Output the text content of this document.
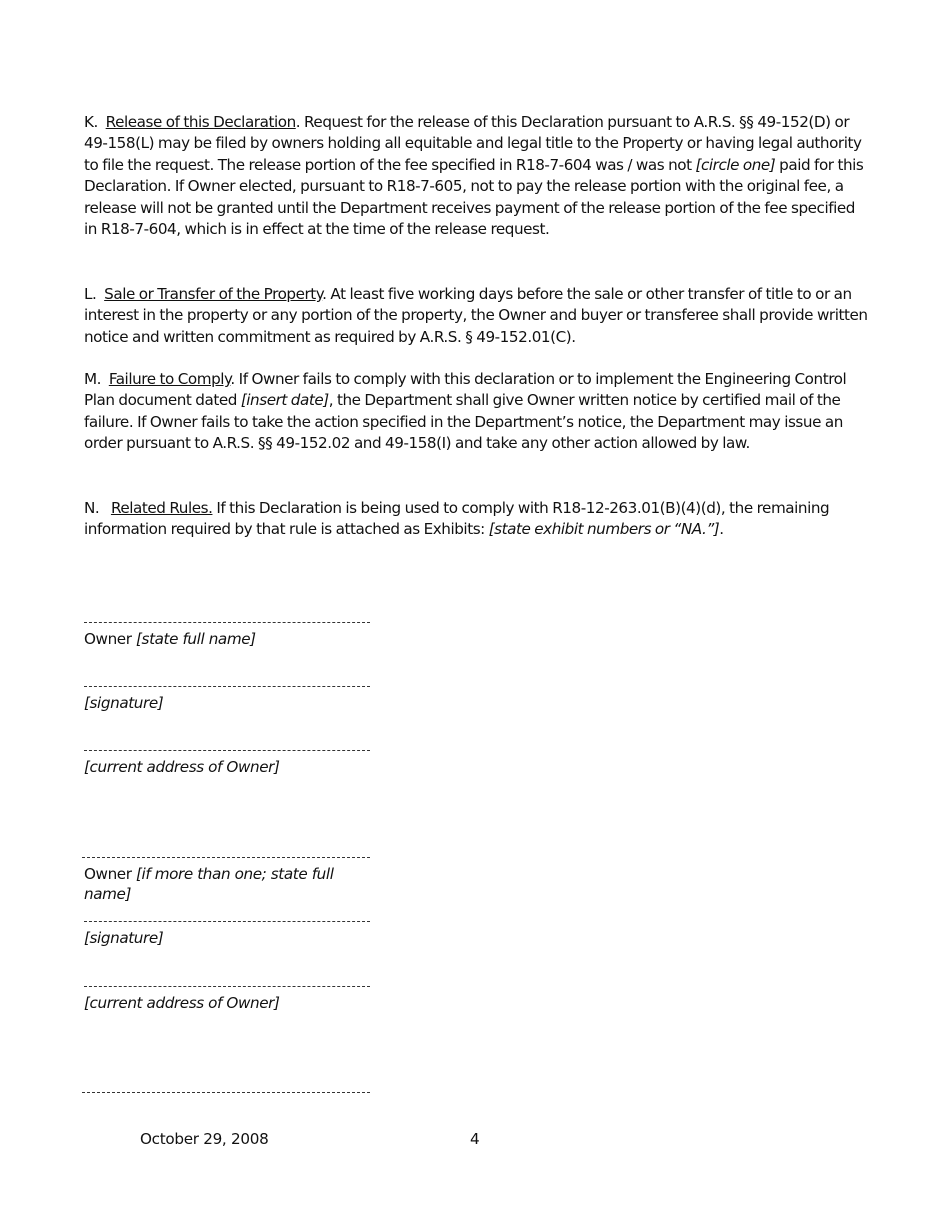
K. Release of this Declaration. Request for the release of this Declaration pursuant to A.R.S. §§ 49-152(D) or 49-158(L) may be filed by owners holding all equitable and legal title to the Property or having legal authority to file the request. The release portion of the fee specified in R18-7-604 was / was not [circle one] paid for this Declaration. If Owner elected, pursuant to R18-7-605, not to pay the release portion with the original fee, a release will not be granted until the Department receives payment of the release portion of the fee specified in R18-7-604, which is in effect at the time of the release request.

L. Sale or Transfer of the Property. At least five working days before the sale or other transfer of title to or an interest in the property or any portion of the property, the Owner and buyer or transferee shall provide written notice and written commitment as required by A.R.S. § 49-152.01(C).

M. Failure to Comply. If Owner fails to comply with this declaration or to implement the Engineering Control Plan document dated [insert date], the Department shall give Owner written notice by certified mail of the failure. If Owner fails to take the action specified in the Department’s notice, the Department may issue an order pursuant to A.R.S. §§ 49-152.02 and 49-158(I) and take any other action allowed by law.

N. Related Rules. If this Declaration is being used to comply with R18-12-263.01(B)(4)(d), the remaining information required by that rule is attached as Exhibits: [state exhibit numbers or “NA.”].

Owner [state full name]
[signature]
[current address of Owner]
Owner [if more than one; state full name]
[signature]
[current address of Owner]
October 29, 2008	4
